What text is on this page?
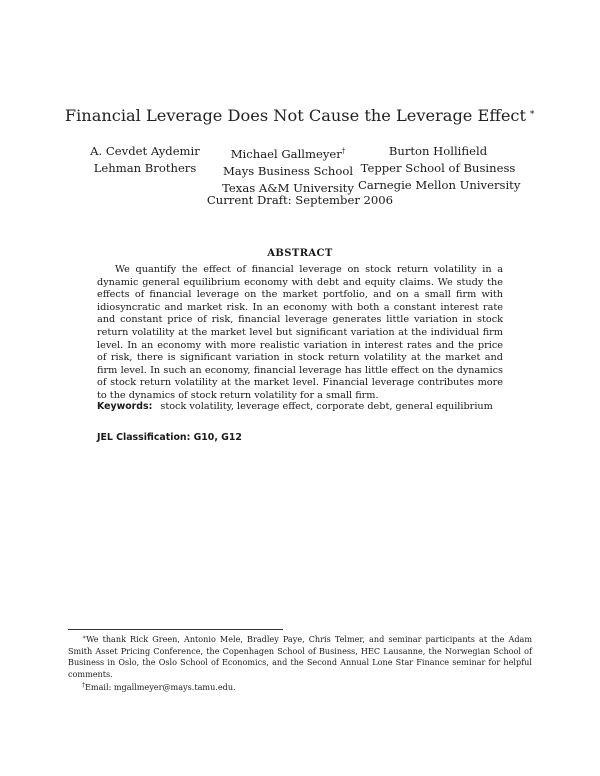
Financial Leverage Does Not Cause the Leverage Effect ∗
A. Cevdet Aydemir
Lehman Brothers
Michael Gallmeyer†
Mays Business School
Texas A&M University
Burton Hollifield
Tepper School of Business
Carnegie Mellon University
Current Draft: September 2006
ABSTRACT
We quantify the effect of financial leverage on stock return volatility in a dynamic general equilibrium economy with debt and equity claims. We study the effects of financial leverage on the market portfolio, and on a small firm with idiosyncratic and market risk. In an economy with both a constant interest rate and constant price of risk, financial leverage generates little variation in stock return volatility at the market level but significant variation at the individual firm level. In an economy with more realistic variation in interest rates and the price of risk, there is significant variation in stock return volatility at the market and firm level. In such an economy, financial leverage has little effect on the dynamics of stock return volatility at the market level. Financial leverage contributes more to the dynamics of stock return volatility for a small firm.
Keywords: stock volatility, leverage effect, corporate debt, general equilibrium
JEL Classification: G10, G12

∗We thank Rick Green, Antonio Mele, Bradley Paye, Chris Telmer, and seminar participants at the Adam Smith Asset Pricing Conference, the Copenhagen School of Business, HEC Lausanne, the Norwegian School of Business in Oslo, the Oslo School of Economics, and the Second Annual Lone Star Finance seminar for helpful comments.

†Email: mgallmeyer@mays.tamu.edu.
